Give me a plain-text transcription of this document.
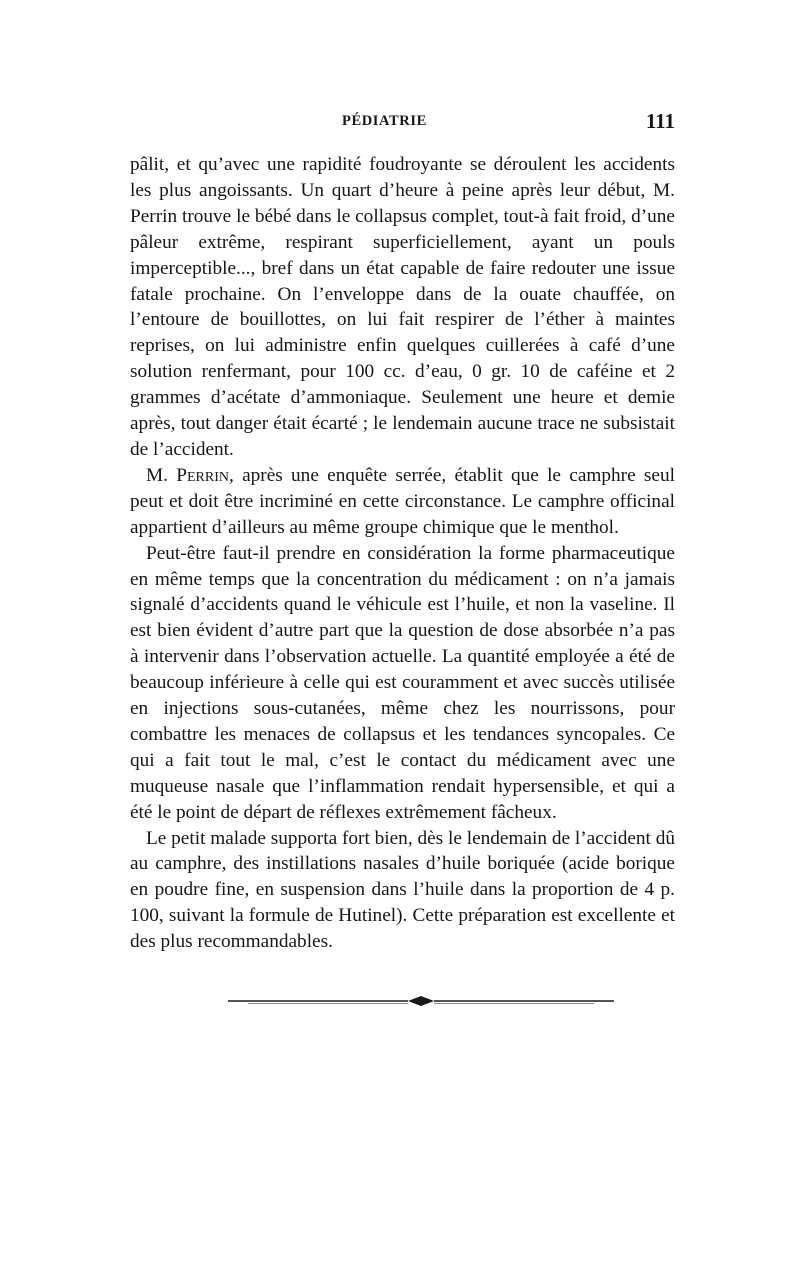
PÉDIATRIE	111

pâlit, et qu’avec une rapidité foudroyante se déroulent les accidents les plus angoissants. Un quart d’heure à peine après leur début, M. Perrin trouve le bébé dans le collapsus complet, tout-à fait froid, d’une pâleur extrême, respirant superficiellement, ayant un pouls imperceptible..., bref dans un état capable de faire redouter une issue fatale prochaine. On l’enveloppe dans de la ouate chauffée, on l’entoure de bouillottes, on lui fait respirer de l’éther à maintes reprises, on lui administre enfin quelques cuillerées à café d’une solution renfermant, pour 100 cc. d’eau, 0 gr. 10 de caféine et 2 grammes d’acétate d’ammoniaque. Seulement une heure et demie après, tout danger était écarté ; le lendemain aucune trace ne subsistait de l’accident.

M. Perrin, après une enquête serrée, établit que le camphre seul peut et doit être incriminé en cette circonstance. Le camphre officinal appartient d’ailleurs au même groupe chimique que le menthol.

Peut-être faut-il prendre en considération la forme pharmaceutique en même temps que la concentration du médicament : on n’a jamais signalé d’accidents quand le véhicule est l’huile, et non la vaseline. Il est bien évident d’autre part que la question de dose absorbée n’a pas à intervenir dans l’observation actuelle. La quantité employée a été de beaucoup inférieure à celle qui est couramment et avec succès utilisée en injections sous-cutanées, même chez les nourrissons, pour combattre les menaces de collapsus et les tendances syncopales. Ce qui a fait tout le mal, c’est le contact du médicament avec une muqueuse nasale que l’inflammation rendait hypersensible, et qui a été le point de départ de réflexes extrêmement fâcheux.

Le petit malade supporta fort bien, dès le lendemain de l’accident dû au camphre, des instillations nasales d’huile boriquée (acide borique en poudre fine, en suspension dans l’huile dans la proportion de 4 p. 100, suivant la formule de Hutinel). Cette préparation est excellente et des plus recommandables.
